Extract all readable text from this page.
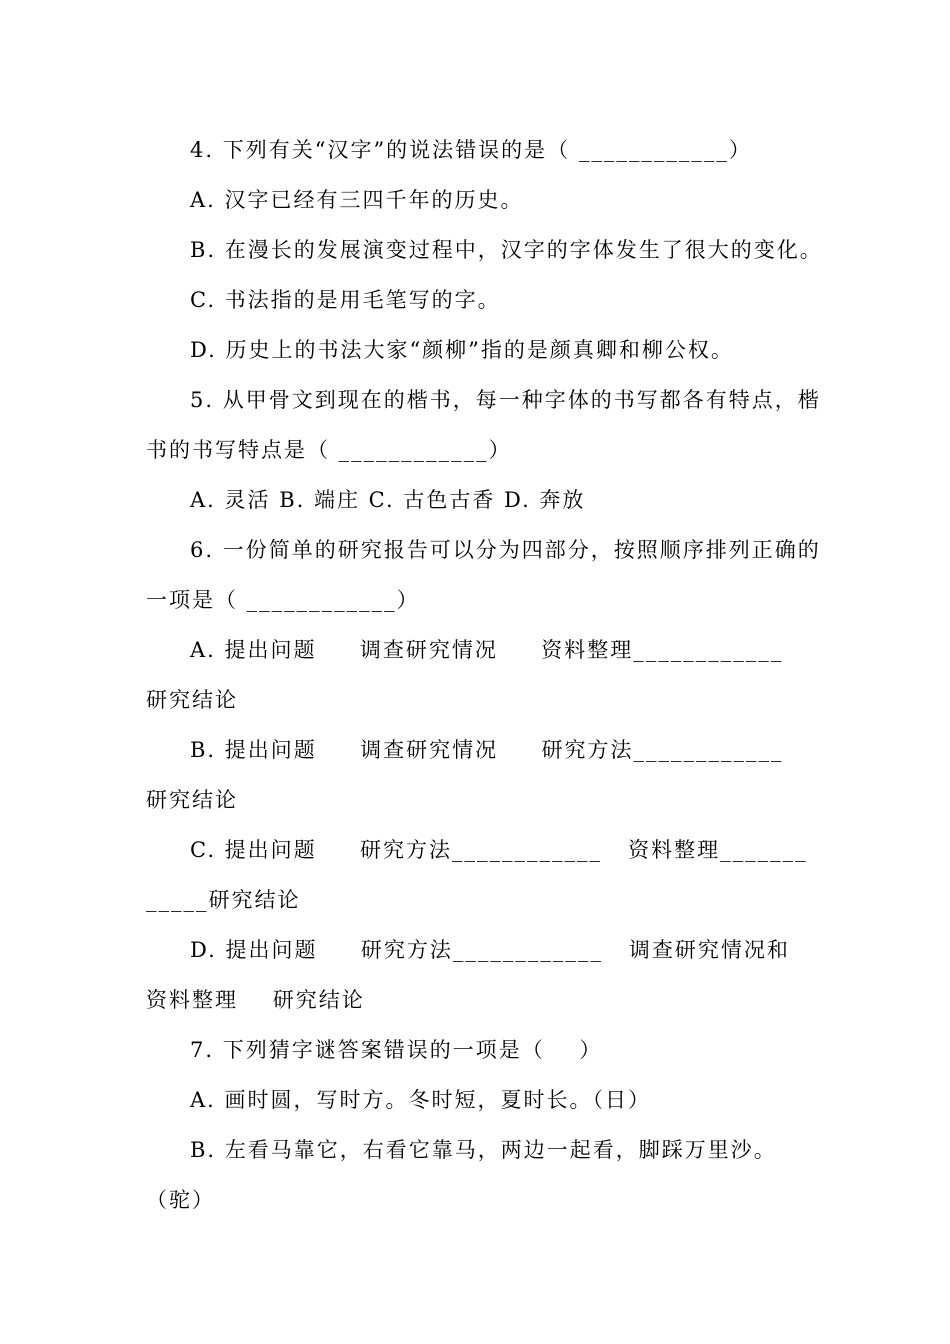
4. 下列有关“汉字”的说法错误的是（ ____________）
A. 汉字已经有三四千年的历史。
B. 在漫长的发展演变过程中，汉字的字体发生了很大的变化。
C. 书法指的是用毛笔写的字。
D. 历史上的书法大家“颜柳”指的是颜真卿和柳公权。
5. 从甲骨文到现在的楷书，每一种字体的书写都各有特点，楷
书的书写特点是（ ____________）
A. 灵活 B. 端庄 C. 古色古香 D. 奔放
6. 一份简单的研究报告可以分为四部分，按照顺序排列正确的
一项是（ ____________）
A. 提出问题     调查研究情况     资料整理____________
研究结论
B. 提出问题     调查研究情况     研究方法____________
研究结论
C. 提出问题     研究方法____________   资料整理_______
_____研究结论
D. 提出问题     研究方法____________   调查研究情况和
资料整理    研究结论
7. 下列猜字谜答案错误的一项是（    ）
A. 画时圆，写时方。冬时短，夏时长。（日）
B. 左看马靠它，右看它靠马，两边一起看，脚踩万里沙。
（驼）
